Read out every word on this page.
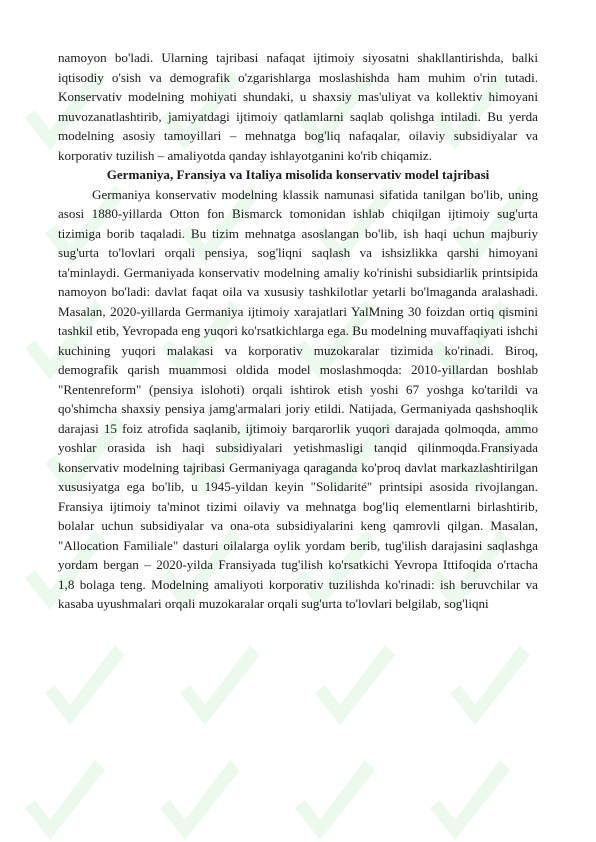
namoyon bo'ladi. Ularning tajribasi nafaqat ijtimoiy siyosatni shakllantirishda, balki iqtisodiy o'sish va demografik o'zgarishlarga moslashishda ham muhim o'rin tutadi. Konservativ modelning mohiyati shundaki, u shaxsiy mas'uliyat va kollektiv himoyani muvozanatlashtirib, jamiyatdagi ijtimoiy qatlamlarni saqlab qolishga intiladi. Bu yerda modelning asosiy tamoyillari – mehnatga bog'liq nafaqalar, oilaviy subsidiyalar va korporativ tuzilish – amaliyotda qanday ishlayotganini ko'rib chiqamiz.

Germaniya, Fransiya va Italiya misolida konservativ model tajribasi

Germaniya konservativ modelning klassik namunasi sifatida tanilgan bo'lib, uning asosi 1880-yillarda Otton fon Bismarck tomonidan ishlab chiqilgan ijtimoiy sug'urta tizimiga borib taqaladi. Bu tizim mehnatga asoslangan bo'lib, ish haqi uchun majburiy sug'urta to'lovlari orqali pensiya, sog'liqni saqlash va ishsizlikka qarshi himoyani ta'minlaydi. Germaniyada konservativ modelning amaliy ko'rinishi subsidiarlik printsipida namoyon bo'ladi: davlat faqat oila va xususiy tashkilotlar yetarli bo'lmaganda aralashadi. Masalan, 2020-yillarda Germaniya ijtimoiy xarajatlari YalMning 30 foizdan ortiq qismini tashkil etib, Yevropada eng yuqori ko'rsatkichlarga ega. Bu modelning muvaffaqiyati ishchi kuchining yuqori malakasi va korporativ muzokaralar tizimida ko'rinadi. Biroq, demografik qarish muammosi oldida model moslashmoqda: 2010-yillardan boshlab "Rentenreform" (pensiya islohoti) orqali ishtirok etish yoshi 67 yoshga ko'tarildi va qo'shimcha shaxsiy pensiya jamg'armalari joriy etildi. Natijada, Germaniyada qashshoqlik darajasi 15 foiz atrofida saqlanib, ijtimoiy barqarorlik yuqori darajada qolmoqda, ammo yoshlar orasida ish haqi subsidiyalari yetishmasligi tanqid qilinmoqda.Fransiyada konservativ modelning tajribasi Germaniyaga qaraganda ko'proq davlat markazlashtirilgan xususiyatga ega bo'lib, u 1945-yildan keyin "Solidarité" printsipi asosida rivojlangan. Fransiya ijtimoiy ta'minot tizimi oilaviy va mehnatga bog'liq elementlarni birlashtirib, bolalar uchun subsidiyalar va ona-ota subsidiyalarini keng qamrovli qilgan. Masalan, "Allocation Familiale" dasturi oilalarga oylik yordam berib, tug'ilish darajasini saqlashga yordam bergan – 2020-yilda Fransiyada tug'ilish ko'rsatkichi Yevropa Ittifoqida o'rtacha 1,8 bolaga teng. Modelning amaliyoti korporativ tuzilishda ko'rinadi: ish beruvchilar va kasaba uyushmalari orqali muzokaralar orqali sug'urta to'lovlari belgilab, sog'liqni
